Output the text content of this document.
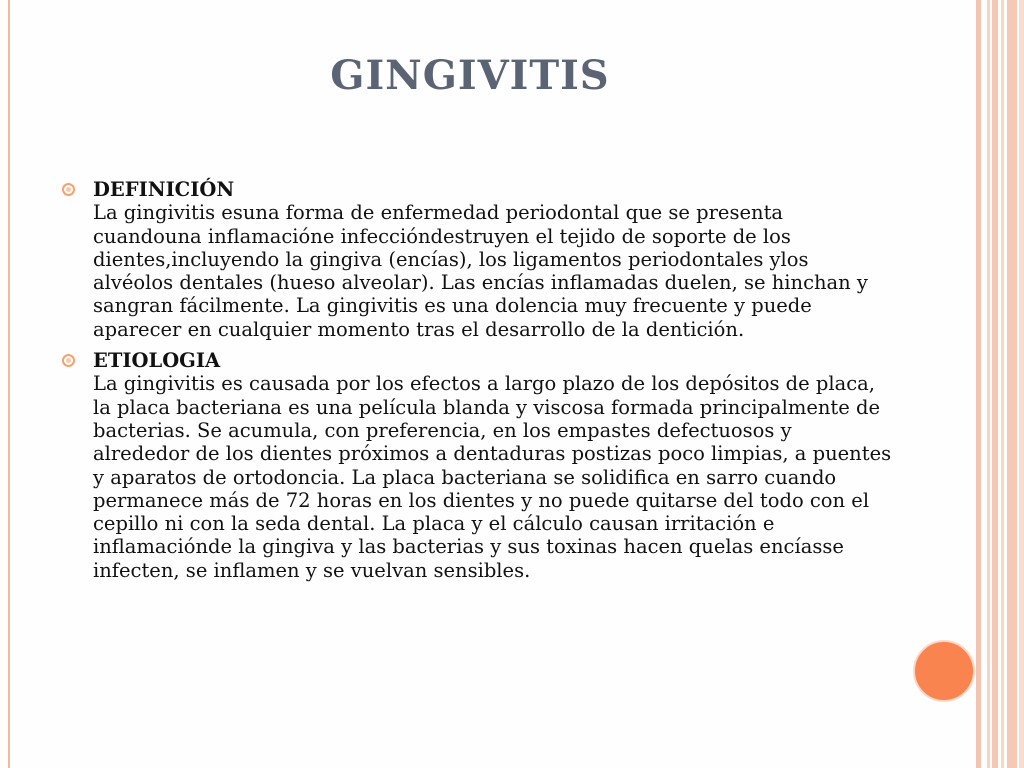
GINGIVITIS
DEFINICIÓN
La gingivitis esuna forma de enfermedad periodontal que se presenta cuandouna inflamacióne infeccióndestruyen el tejido de soporte de los dientes,incluyendo la gingiva (encías), los ligamentos periodontales ylos alvéolos dentales (hueso alveolar). Las encías inflamadas duelen, se hinchan y sangran fácilmente. La gingivitis es una dolencia muy frecuente y puede aparecer en cualquier momento tras el desarrollo de la dentición.
ETIOLOGIA
La gingivitis es causada por los efectos a largo plazo de los depósitos de placa, la placa bacteriana es una película blanda y viscosa formada principalmente de bacterias. Se acumula, con preferencia, en los empastes defectuosos y alrededor de los dientes próximos a dentaduras postizas poco limpias, a puentes y aparatos de ortodoncia. La placa bacteriana se solidifica en sarro cuando permanece más de 72 horas en los dientes y no puede quitarse del todo con el cepillo ni con la seda dental. La placa y el cálculo causan irritación e inflamaciónde la gingiva y las bacterias y sus toxinas hacen quelas encíasse infecten, se inflamen y se vuelvan sensibles.
